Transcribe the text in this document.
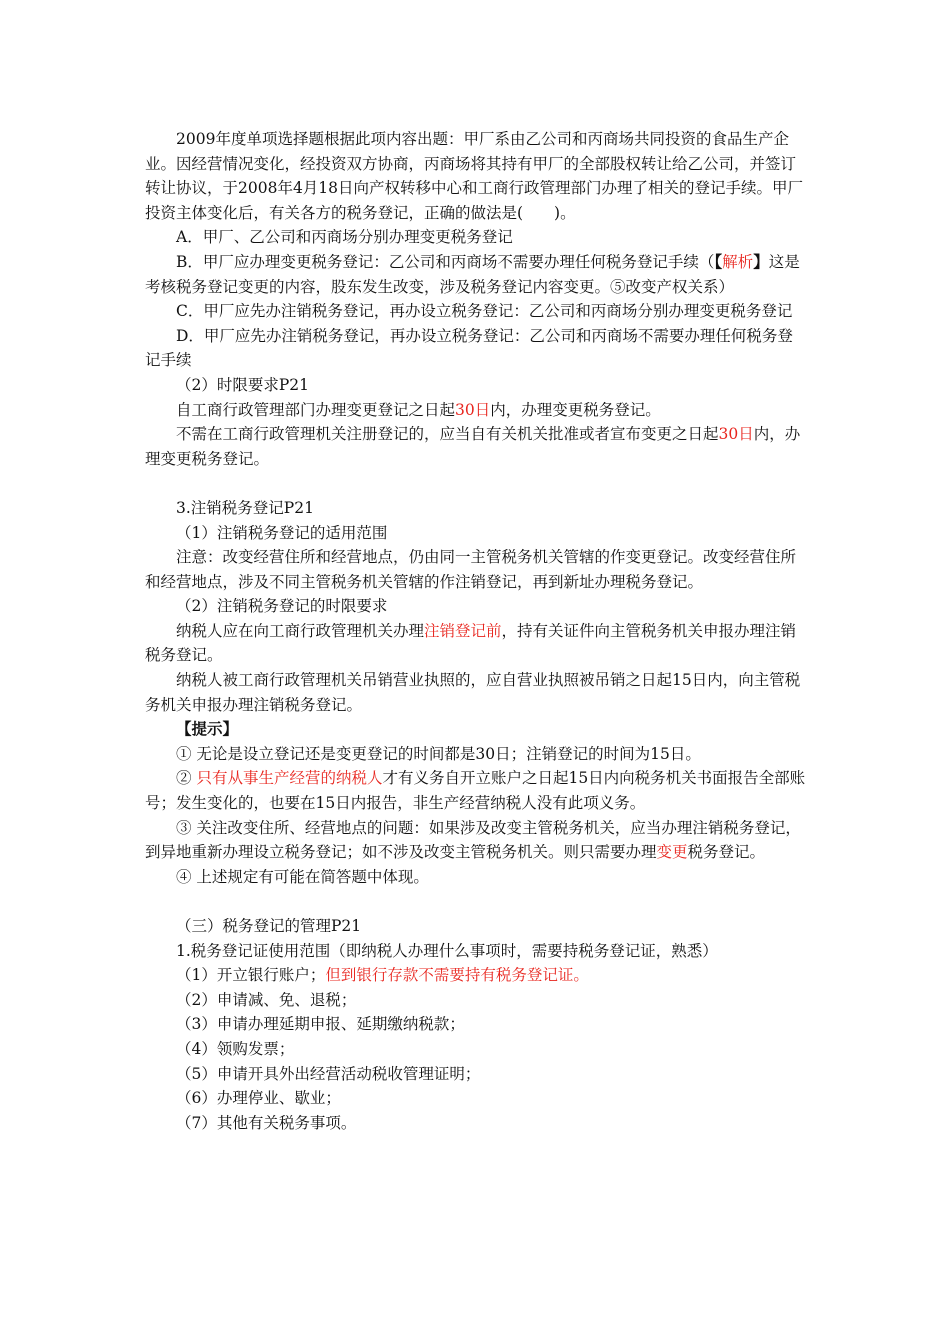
2009年度单项选择题根据此项内容出题：甲厂系由乙公司和丙商场共同投资的食品生产企业。因经营情况变化，经投资双方协商，丙商场将其持有甲厂的全部股权转让给乙公司，并签订转让协议，于2008年4月18日向产权转移中心和工商行政管理部门办理了相关的登记手续。甲厂投资主体变化后，有关各方的税务登记，正确的做法是(　　)。

A．甲厂、乙公司和丙商场分别办理变更税务登记

B．甲厂应办理变更税务登记：乙公司和丙商场不需要办理任何税务登记手续（【解析】这是考核税务登记变更的内容，股东发生改变，涉及税务登记内容变更。⑤改变产权关系）

C．甲厂应先办注销税务登记，再办设立税务登记：乙公司和丙商场分别办理变更税务登记

D．甲厂应先办注销税务登记，再办设立税务登记：乙公司和丙商场不需要办理任何税务登记手续

（2）时限要求P21

自工商行政管理部门办理变更登记之日起30日内，办理变更税务登记。

不需在工商行政管理机关注册登记的，应当自有关机关批准或者宣布变更之日起30日内，办理变更税务登记。

3.注销税务登记P21

（1）注销税务登记的适用范围

注意：改变经营住所和经营地点，仍由同一主管税务机关管辖的作变更登记。改变经营住所和经营地点，涉及不同主管税务机关管辖的作注销登记，再到新址办理税务登记。

（2）注销税务登记的时限要求

纳税人应在向工商行政管理机关办理注销登记前，持有关证件向主管税务机关申报办理注销税务登记。

纳税人被工商行政管理机关吊销营业执照的，应自营业执照被吊销之日起15日内，向主管税务机关申报办理注销税务登记。

【提示】

① 无论是设立登记还是变更登记的时间都是30日；注销登记的时间为15日。

② 只有从事生产经营的纳税人才有义务自开立账户之日起15日内向税务机关书面报告全部账号；发生变化的，也要在15日内报告，非生产经营纳税人没有此项义务。

③ 关注改变住所、经营地点的问题：如果涉及改变主管税务机关，应当办理注销税务登记，到异地重新办理设立税务登记；如不涉及改变主管税务机关。则只需要办理变更税务登记。

④ 上述规定有可能在简答题中体现。

（三）税务登记的管理P21

1.税务登记证使用范围（即纳税人办理什么事项时，需要持税务登记证，熟悉）

（1）开立银行账户；但到银行存款不需要持有税务登记证。

（2）申请减、免、退税；

（3）申请办理延期申报、延期缴纳税款；

（4）领购发票；

（5）申请开具外出经营活动税收管理证明；

（6）办理停业、歇业；

（7）其他有关税务事项。
